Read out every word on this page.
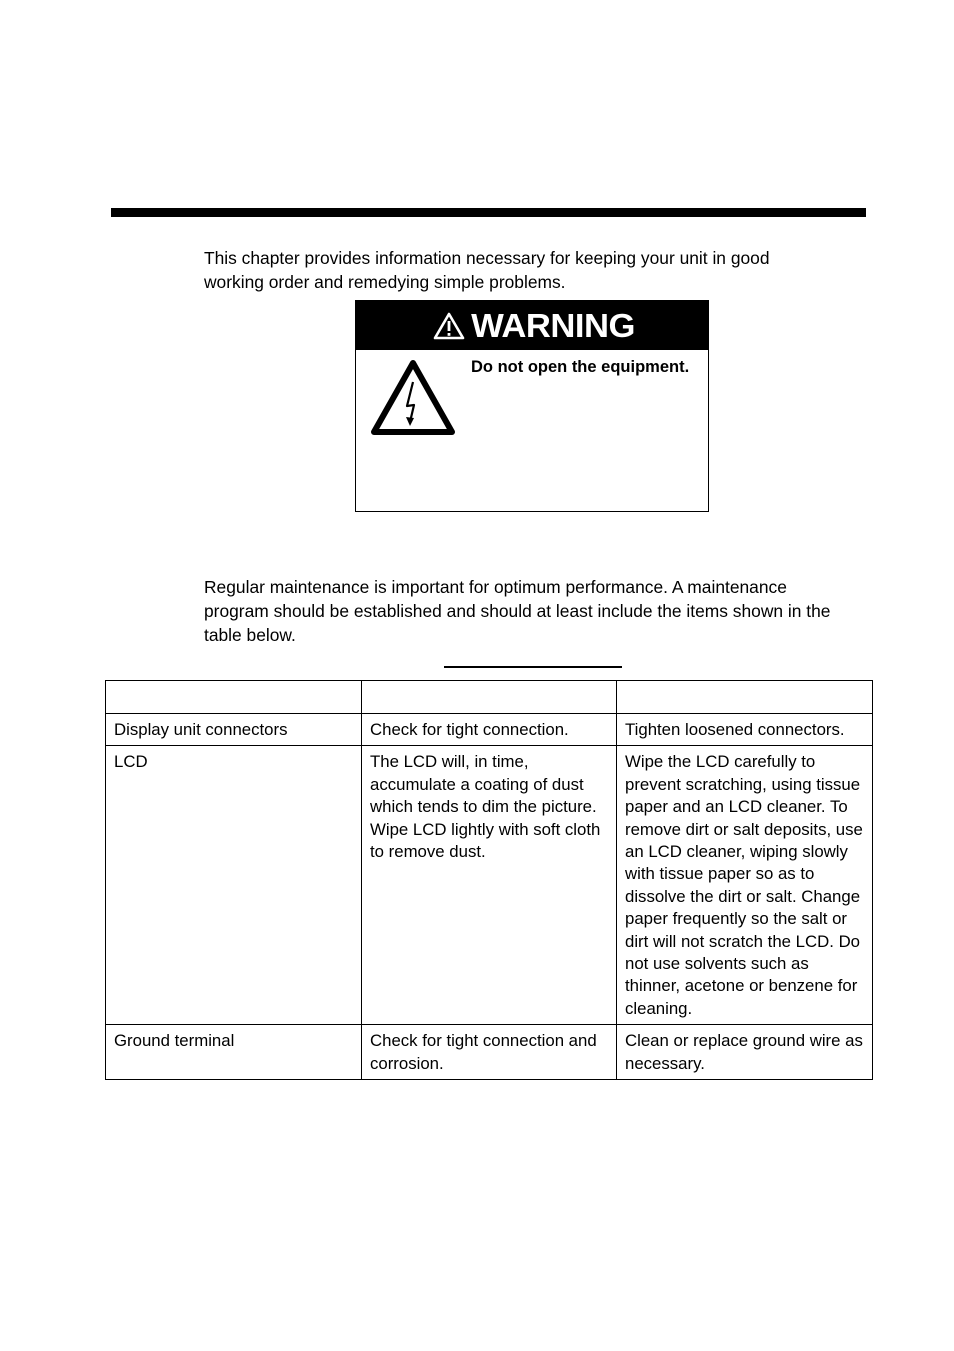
This chapter provides information necessary for keeping your unit in good working order and remedying simple problems.

WARNING
Do not open the equipment.

Regular maintenance is important for optimum performance. A maintenance program should be established and should at least include the items shown in the table below.

Display unit connectors	Check for tight connection.	Tighten loosened connectors.
LCD	The LCD will, in time, accumulate a coating of dust which tends to dim the picture. Wipe LCD lightly with soft cloth to remove dust.	Wipe the LCD carefully to prevent scratching, using tissue paper and an LCD cleaner. To remove dirt or salt deposits, use an LCD cleaner, wiping slowly with tissue paper so as to dissolve the dirt or salt. Change paper frequently so the salt or dirt will not scratch the LCD. Do not use solvents such as thinner, acetone or benzene for cleaning.
Ground terminal	Check for tight connection and corrosion.	Clean or replace ground wire as necessary.
